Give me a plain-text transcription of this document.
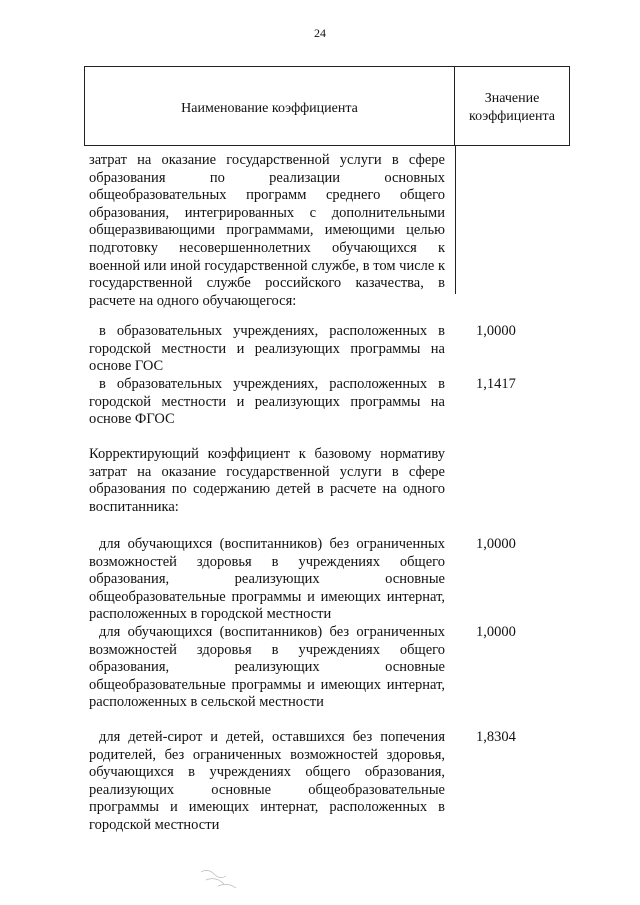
24
Наименование коэффициента
Значение
коэффициента
затрат на оказание государственной услуги в сфере образования по реализации основных общеобразовательных программ среднего общего образования, интегрированных с дополнительными общеразвивающими программами, имеющими целью подготовку несовершеннолетних обучающихся к военной или иной государственной службе, в том числе к государственной службе российского казачества, в расчете на одного обучающегося:
в образовательных учреждениях, расположенных в городской местности и реализующих программы на основе ГОС
1,0000
в образовательных учреждениях, расположенных в городской местности и реализующих программы на основе ФГОС
1,1417
Корректирующий коэффициент к базовому нормативу затрат на оказание государственной услуги в сфере образования по содержанию детей в расчете на одного воспитанника:
для обучающихся (воспитанников) без ограниченных возможностей здоровья в учреждениях общего образования, реализующих основные общеобразовательные программы и имеющих интернат, расположенных в городской местности
1,0000
для обучающихся (воспитанников) без ограниченных возможностей здоровья в учреждениях общего образования, реализующих основные общеобразовательные программы и имеющих интернат, расположенных в сельской местности
1,0000
для детей-сирот и детей, оставшихся без попечения родителей, без ограниченных возможностей здоровья, обучающихся в учреждениях общего образования, реализующих основные общеобразовательные программы и имеющих интернат, расположенных в городской местности
1,8304
